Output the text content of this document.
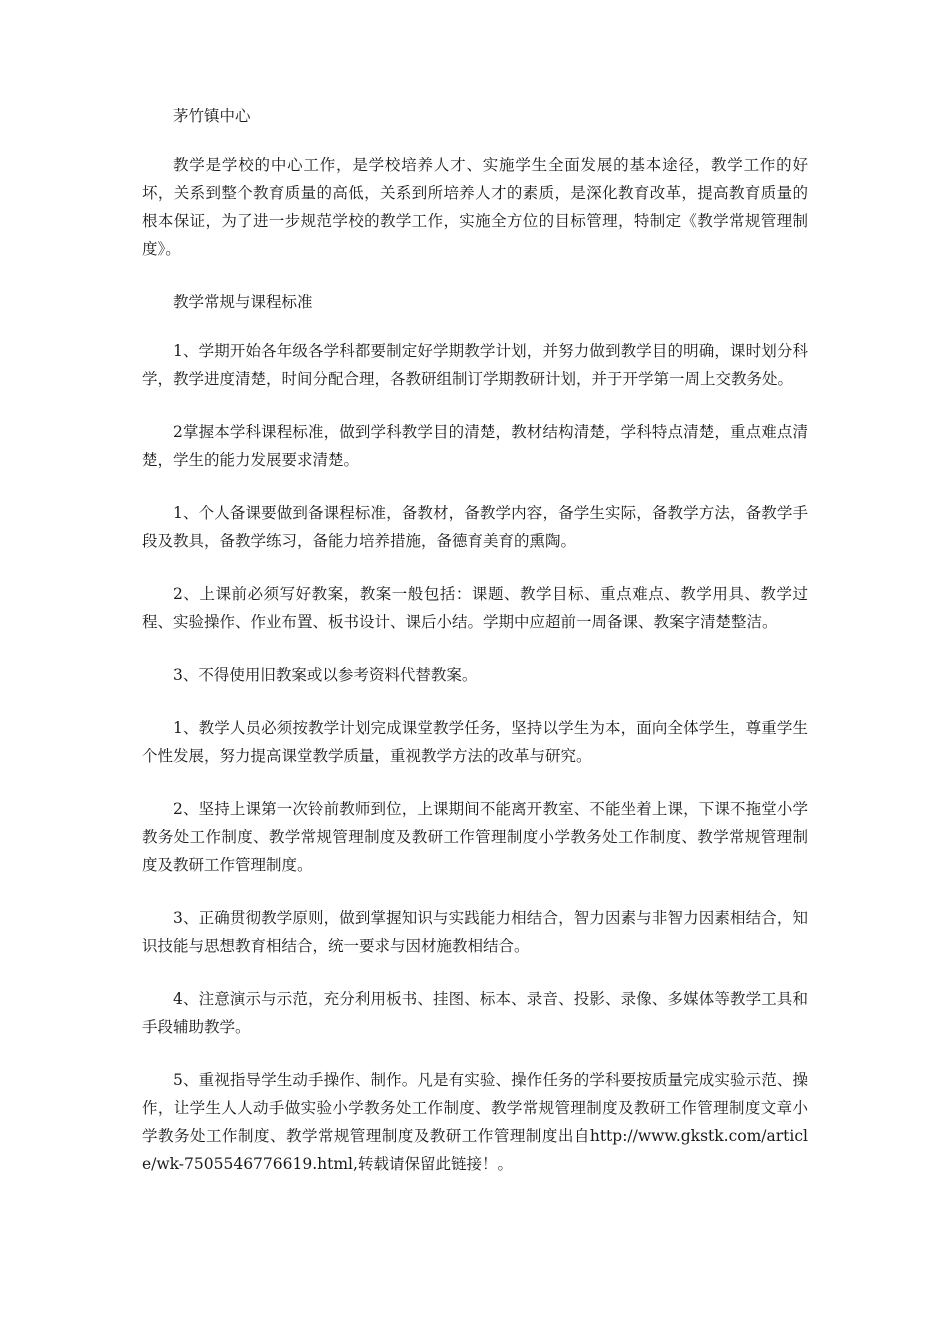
茅竹镇中心

教学是学校的中心工作，是学校培养人才、实施学生全面发展的基本途径，教学工作的好坏，关系到整个教育质量的高低，关系到所培养人才的素质，是深化教育改革，提高教育质量的根本保证，为了进一步规范学校的教学工作，实施全方位的目标管理，特制定《教学常规管理制度》。

教学常规与课程标准

1、学期开始各年级各学科都要制定好学期教学计划，并努力做到教学目的明确，课时划分科学，教学进度清楚，时间分配合理，各教研组制订学期教研计划，并于开学第一周上交教务处。

2掌握本学科课程标准，做到学科教学目的清楚，教材结构清楚，学科特点清楚，重点难点清楚，学生的能力发展要求清楚。

1、个人备课要做到备课程标准，备教材，备教学内容，备学生实际，备教学方法，备教学手段及教具，备教学练习，备能力培养措施，备德育美育的熏陶。

2、上课前必须写好教案，教案一般包括：课题、教学目标、重点难点、教学用具、教学过程、实验操作、作业布置、板书设计、课后小结。学期中应超前一周备课、教案字清楚整洁。

3、不得使用旧教案或以参考资料代替教案。

1、教学人员必须按教学计划完成课堂教学任务，坚持以学生为本，面向全体学生，尊重学生个性发展，努力提高课堂教学质量，重视教学方法的改革与研究。

2、坚持上课第一次铃前教师到位，上课期间不能离开教室、不能坐着上课，下课不拖堂小学教务处工作制度、教学常规管理制度及教研工作管理制度小学教务处工作制度、教学常规管理制度及教研工作管理制度。

3、正确贯彻教学原则，做到掌握知识与实践能力相结合，智力因素与非智力因素相结合，知识技能与思想教育相结合，统一要求与因材施教相结合。

4、注意演示与示范，充分利用板书、挂图、标本、录音、投影、录像、多媒体等教学工具和手段辅助教学。

5、重视指导学生动手操作、制作。凡是有实验、操作任务的学科要按质量完成实验示范、操作，让学生人人动手做实验小学教务处工作制度、教学常规管理制度及教研工作管理制度文章小学教务处工作制度、教学常规管理制度及教研工作管理制度出自http://www.gkstk.com/article/wk-7505546776619.html,转载请保留此链接！。
